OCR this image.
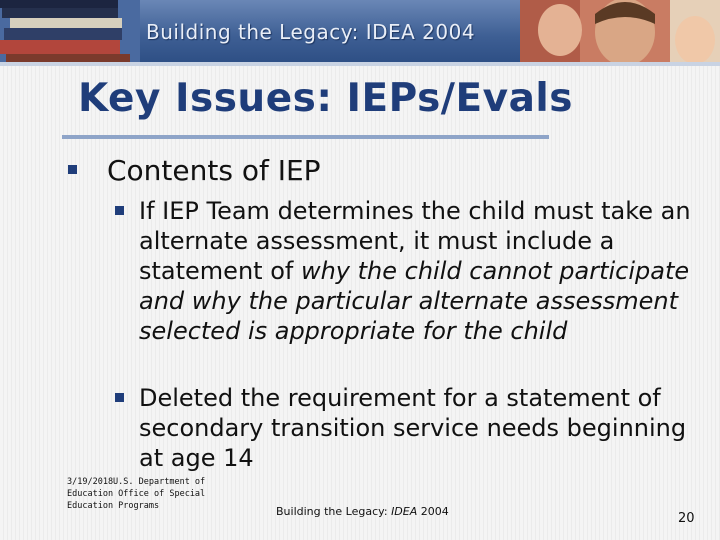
Building the Legacy: IDEA 2004
Key Issues: IEPs/Evals
Contents of IEP
If IEP Team determines the child must take an alternate assessment, it must include a statement of why the child cannot participate and why the particular alternate assessment selected is appropriate for the child
Deleted the requirement for a statement of secondary transition service needs beginning at age 14
3/19/2018U.S. Department of Education Office of Special Education Programs	Building the Legacy: IDEA 2004	20
